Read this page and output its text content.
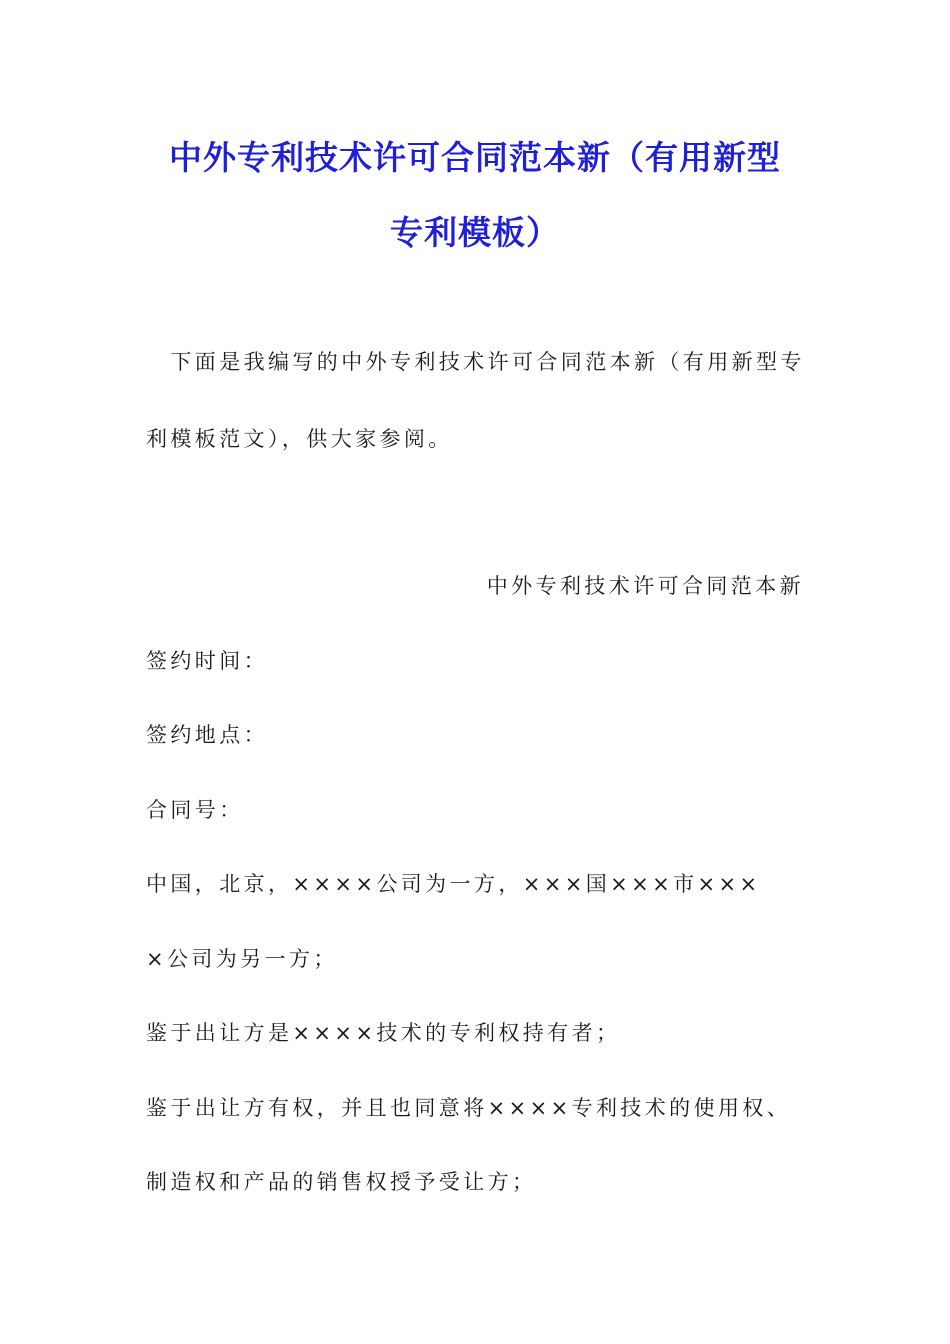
中外专利技术许可合同范本新（有用新型
专利模板）
　下面是我编写的中外专利技术许可合同范本新（有用新型专
利模板范文），供大家参阅。
中外专利技术许可合同范本新
签约时间：
签约地点：
合同号：
中国，北京，××××公司为一方，×××国×××市×××
×公司为另一方；
鉴于出让方是××××技术的专利权持有者；
鉴于出让方有权，并且也同意将××××专利技术的使用权、
制造权和产品的销售权授予受让方；
